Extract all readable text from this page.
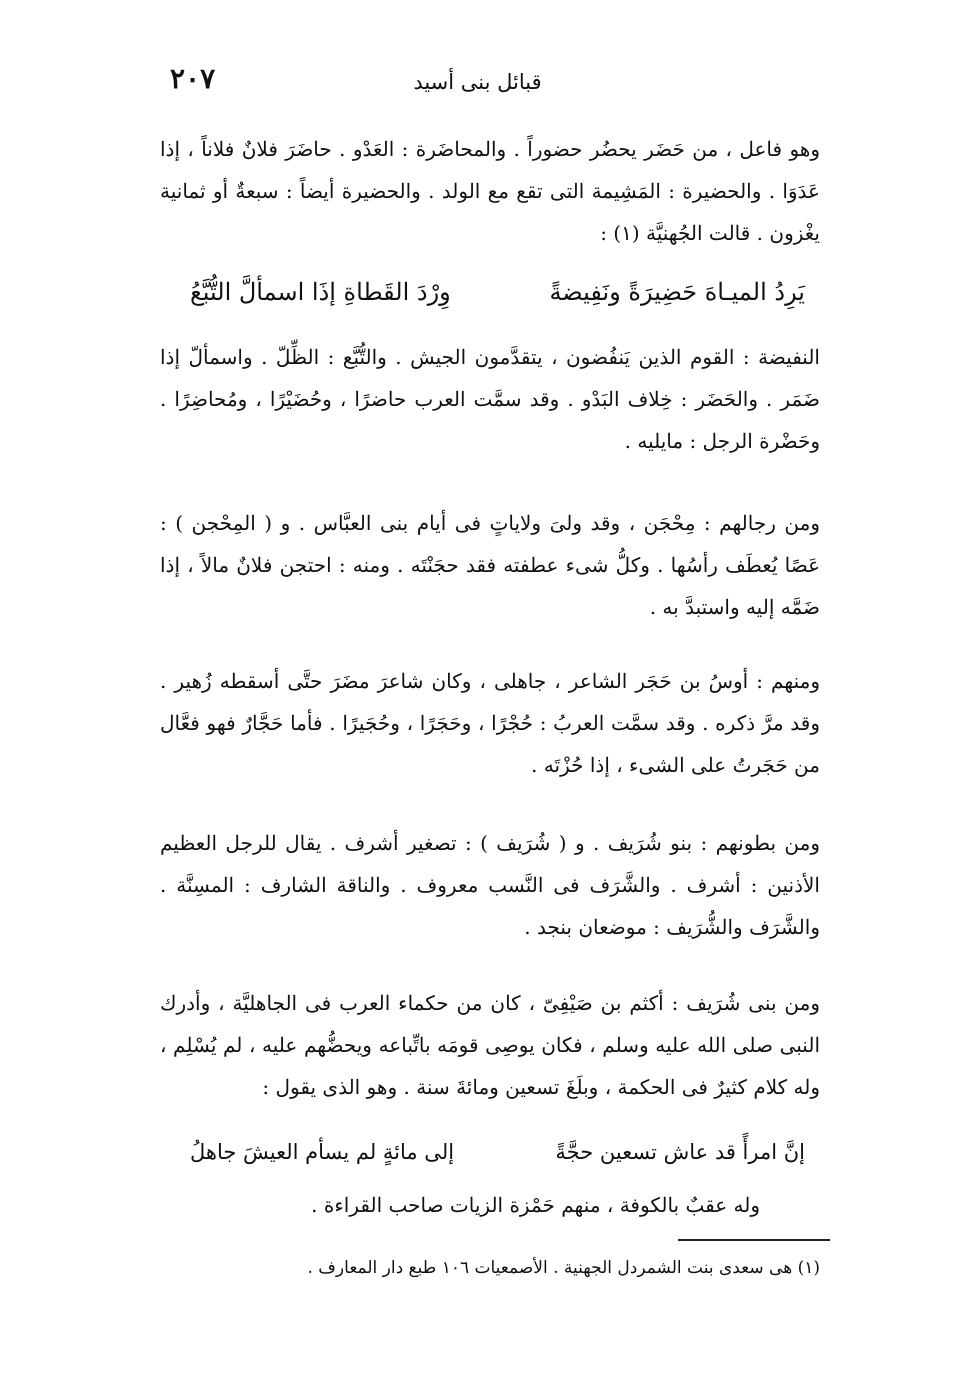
٢٠٧	قبائل بنى أسيد
وهو فاعل ، من حَضَر يحضُر حضوراً . والمحاضَرة : العَدْو . حاضَرَ فلانٌ فلاناً ، إذا عَدَوَا . والحضيرة : المَشِيمة التى تقع مع الولد . والحضيرة أيضاً : سبعةٌ أو ثمانية يغْزون . قالت الجُهنيَّة (١) :
يَرِدُ الميـاهَ حَضِيرَةً ونَفِيضةً
وِرْدَ القَطاةِ إذَا اسمألَّ التُّبَّعُ
النفيضة : القوم الذين يَنفُضون ، يتقدَّمون الجيش . والتُّبَّع : الظِّلّ . واسمألّ إذا ضَمَر . والحَضَر : خِلاف البَدْو . وقد سمَّت العرب حاضرًا ، وحُضَيْرًا ، ومُحاضِرًا . وحَضْرة الرجل : مايليه .
ومن رجالهم : مِحْجَن ، وقد ولىَ ولاياتٍ فى أيام بنى العبَّاس . و ( المِحْجن ) : عَصًا يُعطَف رأسُها . وكلُّ شىء عطفته فقد حجَنْتَه . ومنه : احتجن فلانٌ مالاً ، إذا ضَمَّه إليه واستبدَّ به .
ومنهم : أوسُ بن حَجَر الشاعر ، جاهلى ، وكان شاعرَ مضَرَ حتَّى أسقطه زُهير . وقد مرَّ ذكره . وقد سمَّت العربُ : حُجْرًا ، وحَجَرًا ، وحُجَيرًا . فأما حَجَّارٌ فهو فعَّال من حَجَرتُ على الشىء ، إذا حُزْتَه .
ومن بطونهم : بنو شُرَيف . و ( شُرَيف ) : تصغير أشرف . يقال للرجل العظيم الأذنين : أشرف . والشَّرَف فى النَّسب معروف . والناقة الشارف : المسِنَّة . والشَّرَف والشُّرَيف : موضعان بنجد .
ومن بنى شُرَيف : أكثم بن صَيْفِىّ ، كان من حكماء العرب فى الجاهليَّة ، وأدرك النبى صلى الله عليه وسلم ، فكان يوصِى قومَه باتِّباعه ويحضُّهم عليه ، لم يُسْلِم ، وله كلام كثيرٌ فى الحكمة ، وبلَغَ تسعين ومائةَ سنة . وهو الذى يقول :
إنَّ امرأً قد عاش تسعين حجَّةً
إلى مائةٍ لم يسأم العيشَ جاهلُ
وله عقبٌ بالكوفة ، منهم حَمْزة الزيات صاحب القراءة .
(١) هى سعدى بنت الشمردل الجهنية . الأصمعيات ١٠٦ طبع دار المعارف .
